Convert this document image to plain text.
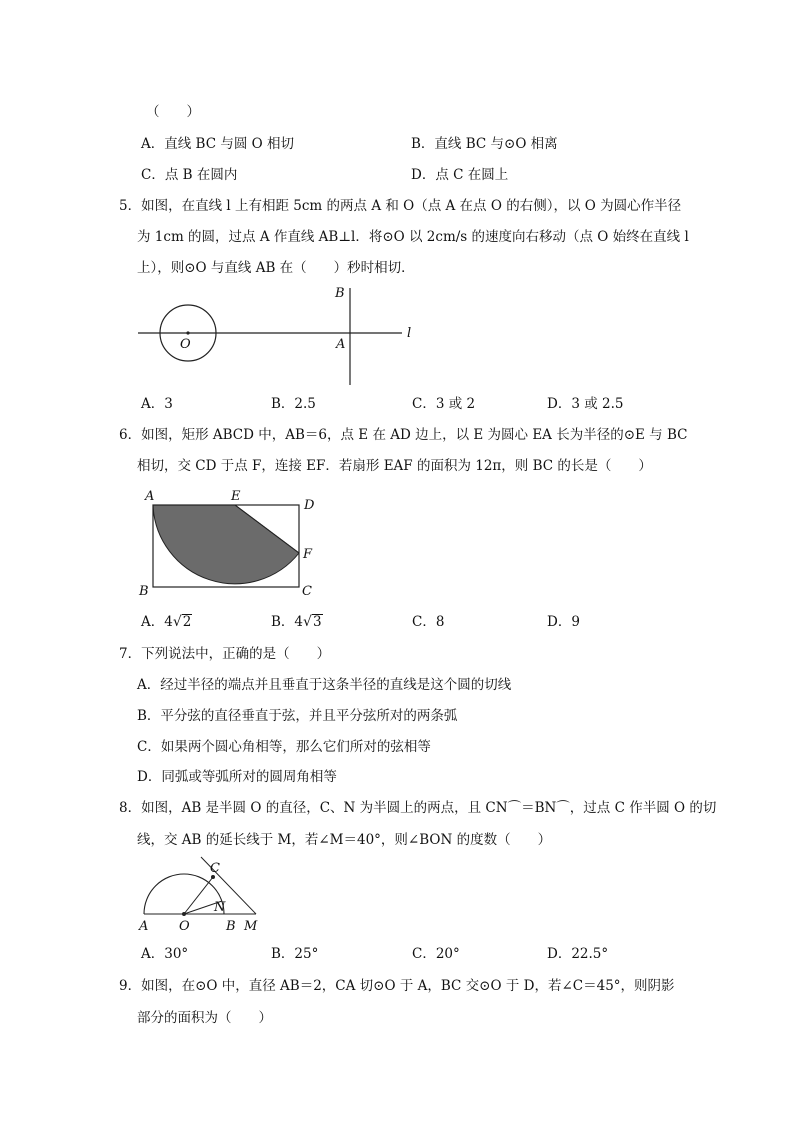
（　　）
A．直线 BC 与圆 O 相切	B．直线 BC 与⊙O 相离
C．点 B 在圆内	D．点 C 在圆上
5．如图，在直线 l 上有相距 5cm 的两点 A 和 O（点 A 在点 O 的右侧），以 O 为圆心作半径
为 1cm 的圆，过点 A 作直线 AB⊥l．将⊙O 以 2cm/s 的速度向右移动（点 O 始终在直线 l
上），则⊙O 与直线 AB 在（　　）秒时相切．
B
O	A
l
A．3	B．2.5	C．3 或 2	D．3 或 2.5
6．如图，矩形 ABCD 中，AB＝6，点 E 在 AD 边上，以 E 为圆心 EA 长为半径的⊙E 与 BC
相切，交 CD 于点 F，连接 EF．若扇形 EAF 的面积为 12π，则 BC 的长是（　　）
A	E
D
F
B	C
A．4√2	B．4√3	C．8	D．9
7．下列说法中，正确的是（　　）
A．经过半径的端点并且垂直于这条半径的直线是这个圆的切线
B．平分弦的直径垂直于弦，并且平分弦所对的两条弧
C．如果两个圆心角相等，那么它们所对的弦相等
D．同弧或等弧所对的圆周角相等
8．如图，AB 是半圆 O 的直径，C、N 为半圆上的两点，且 CN⌒＝BN⌒，过点 C 作半圆 O 的切
线，交 AB 的延长线于 M，若∠M＝40°，则∠BON 的度数（　　）
C
N
A O	B M
A．30°	B．25°	C．20°	D．22.5°
9．如图，在⊙O 中，直径 AB＝2，CA 切⊙O 于 A，BC 交⊙O 于 D，若∠C＝45°，则阴影
部分的面积为（　　）
